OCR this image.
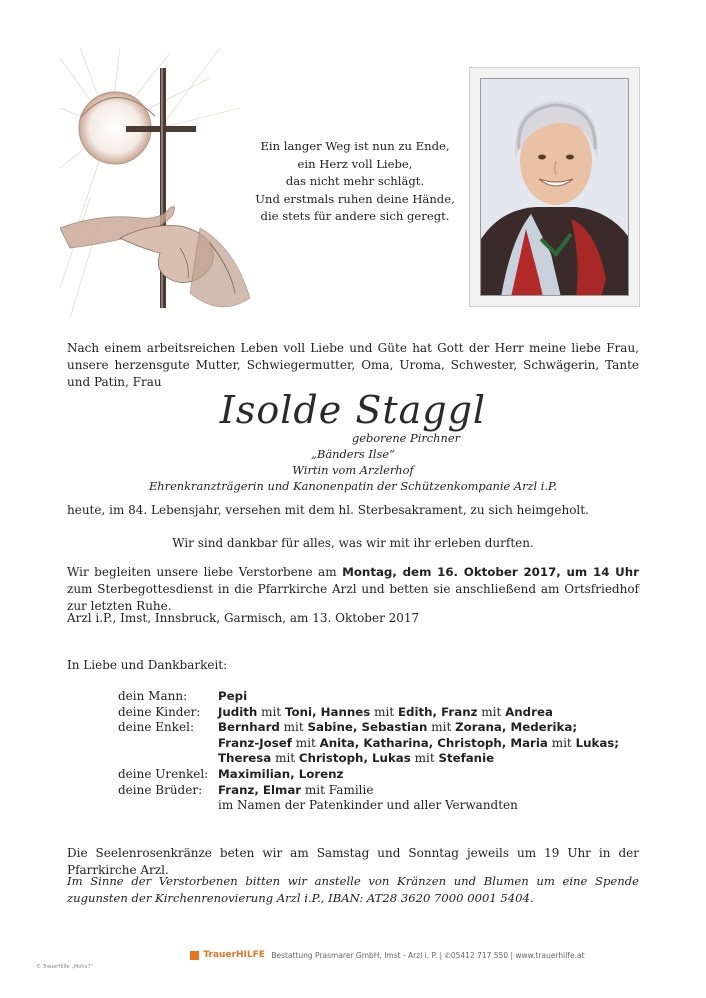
Ein langer Weg ist nun zu Ende,
ein Herz voll Liebe,
das nicht mehr schlägt.
Und erstmals ruhen deine Hände,
die stets für andere sich geregt.
Nach einem arbeitsreichen Leben voll Liebe und Güte hat Gott der Herr meine liebe Frau, unsere herzensgute Mutter, Schwiegermutter, Oma, Uroma, Schwester, Schwägerin, Tante und Patin, Frau
Isolde Staggl
geborene Pirchner
„Bänders Ilse“
Wirtin vom Arzlerhof
Ehrenkranzträgerin und Kanonenpatin der Schützenkompanie Arzl i.P.
heute, im 84. Lebensjahr, versehen mit dem hl. Sterbesakrament, zu sich heimgeholt.
Wir sind dankbar für alles, was wir mit ihr erleben durften.
Wir begleiten unsere liebe Verstorbene am Montag, dem 16. Oktober 2017, um 14 Uhr zum Sterbegottesdienst in die Pfarrkirche Arzl und betten sie anschließend am Ortsfriedhof zur letzten Ruhe.
Arzl i.P., Imst, Innsbruck, Garmisch, am 13. Oktober 2017
In Liebe und Dankbarkeit:
dein Mann:	Pepi
deine Kinder:	Judith mit Toni, Hannes mit Edith, Franz mit Andrea
deine Enkel:	Bernhard mit Sabine, Sebastian mit Zorana, Mederika;
Franz-Josef mit Anita, Katharina, Christoph, Maria mit Lukas;
Theresa mit Christoph, Lukas mit Stefanie
deine Urenkel: Maximilian, Lorenz
deine Brüder:	Franz, Elmar mit Familie
im Namen der Patenkinder und aller Verwandten
Die Seelenrosenkränze beten wir am Samstag und Sonntag jeweils um 19 Uhr in der Pfarrkirche Arzl.
Im Sinne der Verstorbenen bitten wir anstelle von Kränzen und Blumen um eine Spende zugunsten der Kirchenrenovierung Arzl i.P., IBAN: AT28 3620 7000 0001 5404.
TrauerHILFE Bestattung Prasmarer GmbH, Imst - Arzl i. P. | ✆05412 717 550 | www.trauerhilfe.at
© TrauerHilfe „Motiv7“
